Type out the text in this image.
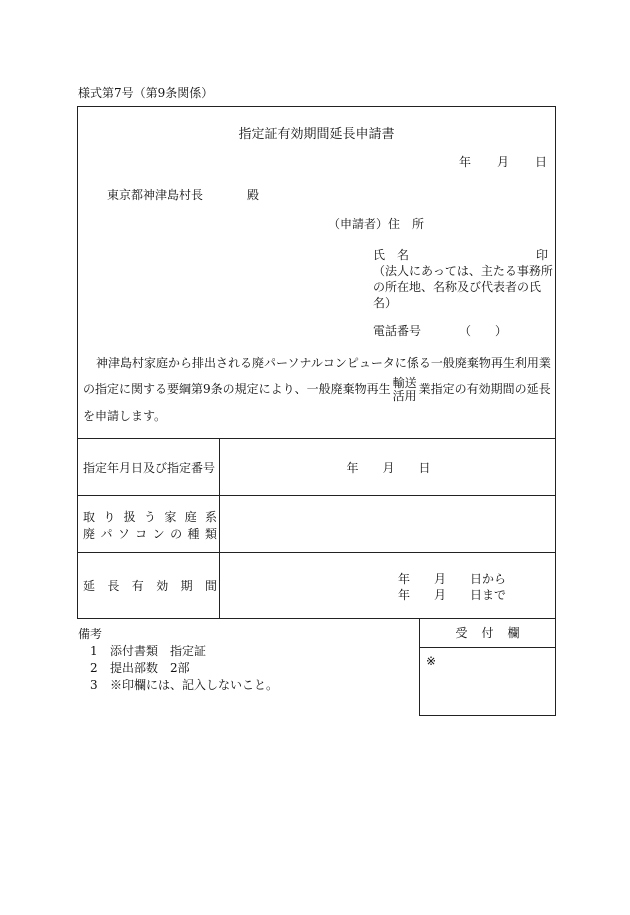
様式第7号（第9条関係）
指定証有効期間延長申請書
年 月 日
東京都神津島村長	殿
（申請者）住　所
氏　名	印
（法人にあっては、主たる事務所の所在地、名称及び代表者の氏名）
電話番号	（　　）
神津島村家庭から排出される廃パーソナルコンピュータに係る一般廃棄物再生利用業の指定に関する要綱第9条の規定により、一般廃棄物再生 輸送
活用 業指定の有効期間の延長を申請します。
指定年月日及び指定番号	年　　月　　日
取り扱う家庭系
廃パソコンの種類
延長有効期間	年　　月　　日から
年　　月　　日まで
備考
1 添付書類　指定証
2 提出部数　2部
3 ※印欄には、記入しないこと。
受付欄
※
